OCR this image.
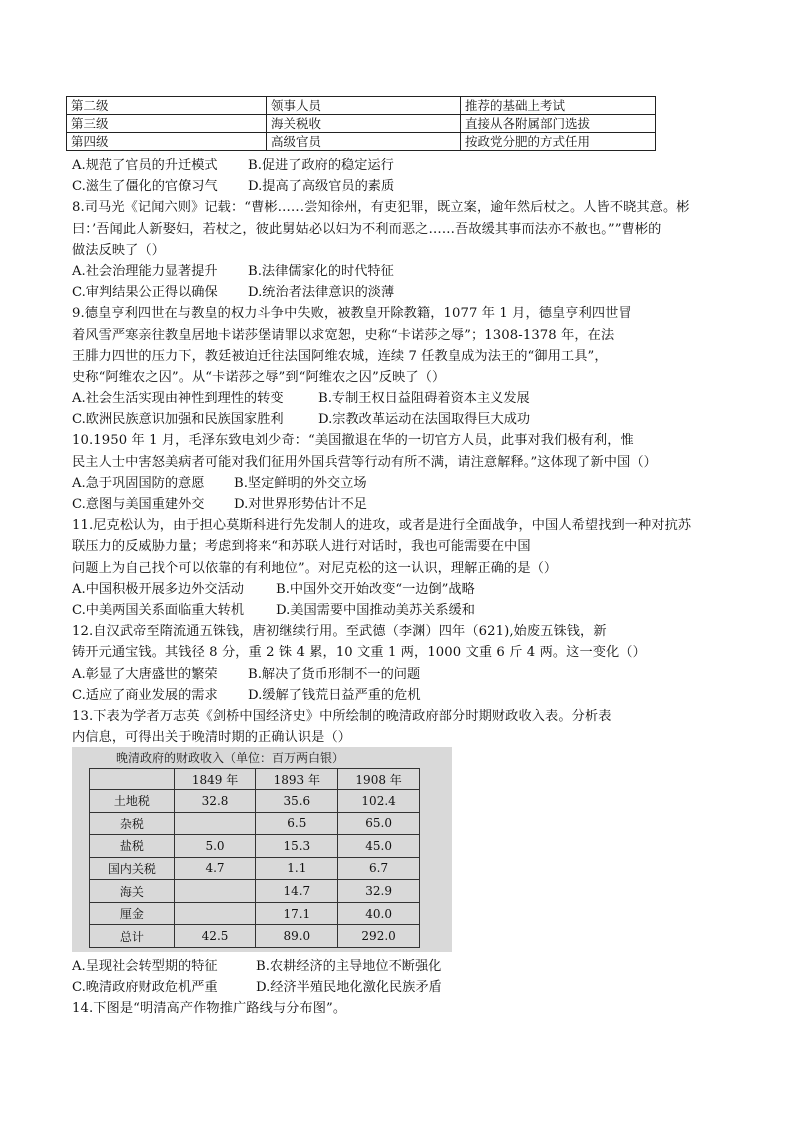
第二级	领事人员	推荐的基础上考试
第三级	海关税收	直接从各附属部门选拔
第四级	高级官员	按政党分肥的方式任用
A.规范了官员的升迁模式 B.促进了政府的稳定运行
C.滋生了僵化的官僚习气 D.提高了高级官员的素质
8.司马光《记闻六则》记载：“曹彬……尝知徐州，有吏犯罪，既立案，逾年然后杖之。人皆不晓其意。彬
曰：’吾闻此人新娶妇，若杖之，彼此舅姑必以妇为不利而恶之……吾故缓其事而法亦不赦也。””曹彬的
做法反映了（）
A.社会治理能力显著提升 B.法律儒家化的时代特征
C.审判结果公正得以确保 D.统治者法律意识的淡薄
9.德皇亨利四世在与教皇的权力斗争中失败，被教皇开除教籍，1077 年 1 月，德皇亨利四世冒
着风雪严寒亲往教皇居地卡诺莎堡请罪以求宽恕，史称“卡诺莎之辱”；1308-1378 年，在法
王腓力四世的压力下，教廷被迫迁往法国阿维农城，连续 7 任教皇成为法王的“御用工具”，
史称“阿维农之囚”。从“卡诺莎之辱”到“阿维农之囚”反映了（）
A.社会生活实现由神性到理性的转变	B.专制王权日益阻碍着资本主义发展
C.欧洲民族意识加强和民族国家胜利	D.宗教改革运动在法国取得巨大成功
10.1950 年 1 月，毛泽东致电刘少奇：“美国撤退在华的一切官方人员，此事对我们极有利，惟
民主人士中害怒美病者可能对我们征用外国兵营等行动有所不满，请注意解释。”这体现了新中国（）
A.急于巩固国防的意愿 B.坚定鲜明的外交立场
C.意图与美国重建外交 D.对世界形势估计不足
11.尼克松认为，由于担心莫斯科进行先发制人的进攻，或者是进行全面战争，中国人希望找到一种对抗苏
联压力的反威胁力量；考虑到将来“和苏联人进行对话时，我也可能需要在中国
问题上为自己找个可以依靠的有利地位”。对尼克松的这一认识，理解正确的是（）
A.中国积极开展多边外交活动 B.中国外交开始改变“一边倒”战略
C.中美两国关系面临重大转机 D.美国需要中国推动美苏关系缓和
12.自汉武帝至隋流通五铢钱，唐初继续行用。至武德（李渊）四年（621),始废五铢钱，新
铸开元通宝钱。其钱径 8 分，重 2 铢 4 累，10 文重 1 两，1000 文重 6 斤 4 两。这一变化（）
A.彰显了大唐盛世的繁荣 B.解决了货币形制不一的问题
C.适应了商业发展的需求 D.缓解了钱荒日益严重的危机
13.下表为学者万志英《剑桥中国经济史》中所绘制的晚清政府部分时期财政收入表。分析表
内信息，可得出关于晚清时期的正确认识是（）
晚清政府的财政收入（单位：百万两白银）
	1849 年	1893 年	1908 年
土地税	32.8	35.6	102.4
杂税		6.5	65.0
盐税	5.0	15.3	45.0
国内关税	4.7	1.1	6.7
海关		14.7	32.9
厘金		17.1	40.0
总计	42.5	89.0	292.0
A.呈现社会转型期的特征	B.农耕经济的主导地位不断强化
C.晚清政府财政危机严重	D.经济半殖民地化激化民族矛盾
14.下图是“明清高产作物推广路线与分布图”。
